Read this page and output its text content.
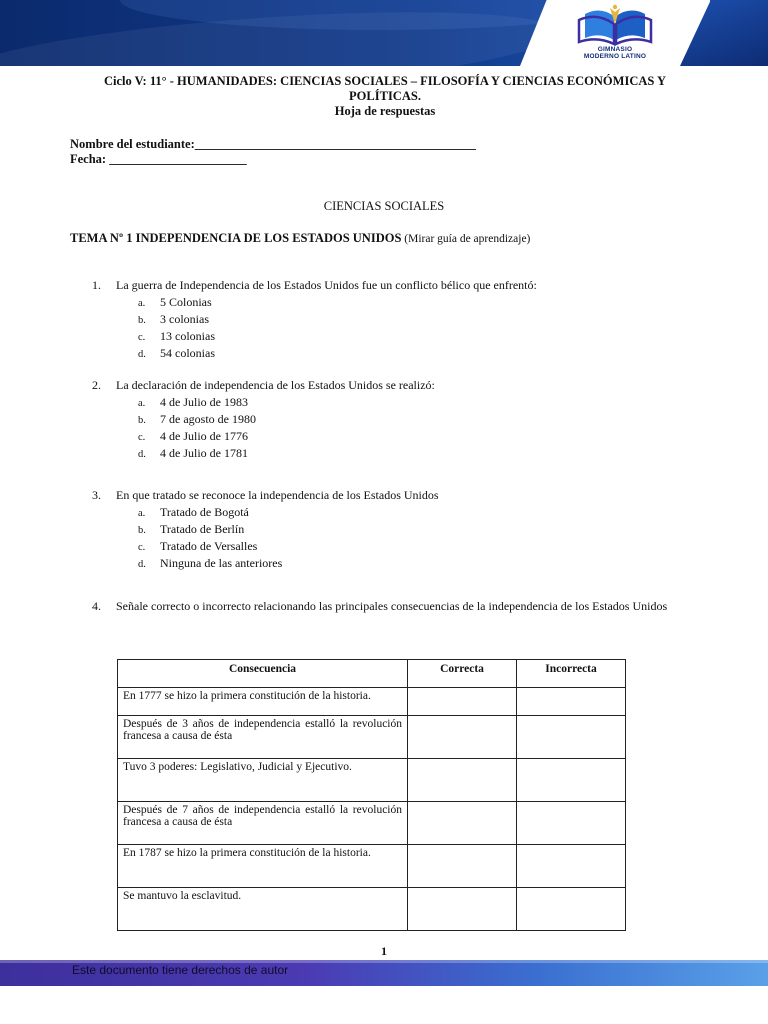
GIMNASIO
MODERNO LATINO
Ciclo V: 11° - HUMANIDADES: CIENCIAS SOCIALES – FILOSOFÍA Y CIENCIAS ECONÓMICAS Y
POLÍTICAS.
Hoja de respuestas
Nombre del estudiante:_____________________________________________
Fecha: ______________________
CIENCIAS SOCIALES
TEMA Nº 1 INDEPENDENCIA DE LOS ESTADOS UNIDOS (Mirar guía de aprendizaje)
1.	La guerra de Independencia de los Estados Unidos fue un conflicto bélico que enfrentó:
a. 5 Colonias
b. 3 colonias
c. 13 colonias
d. 54 colonias
2.	La declaración de independencia de los Estados Unidos se realizó:
a. 4 de Julio de 1983
b. 7 de agosto de 1980
c. 4 de Julio de 1776
d. 4 de Julio de 1781
3.	En que tratado se reconoce la independencia de los Estados Unidos
a. Tratado de Bogotá
b. Tratado de Berlín
c. Tratado de Versalles
d. Ninguna de las anteriores
4.	Señale correcto o incorrecto relacionando las principales consecuencias de la independencia de los Estados Unidos
Consecuencia	Correcta	Incorrecta
En 1777 se hizo la primera constitución de la historia.		
Después de 3 años de independencia estalló la revolución francesa a causa de ésta		
Tuvo 3 poderes: Legislativo, Judicial y Ejecutivo.		
Después de 7 años de independencia estalló la revolución francesa a causa de ésta		
En 1787 se hizo la primera constitución de la historia.		
Se mantuvo la esclavitud.		
1
Este documento tiene derechos de autor
